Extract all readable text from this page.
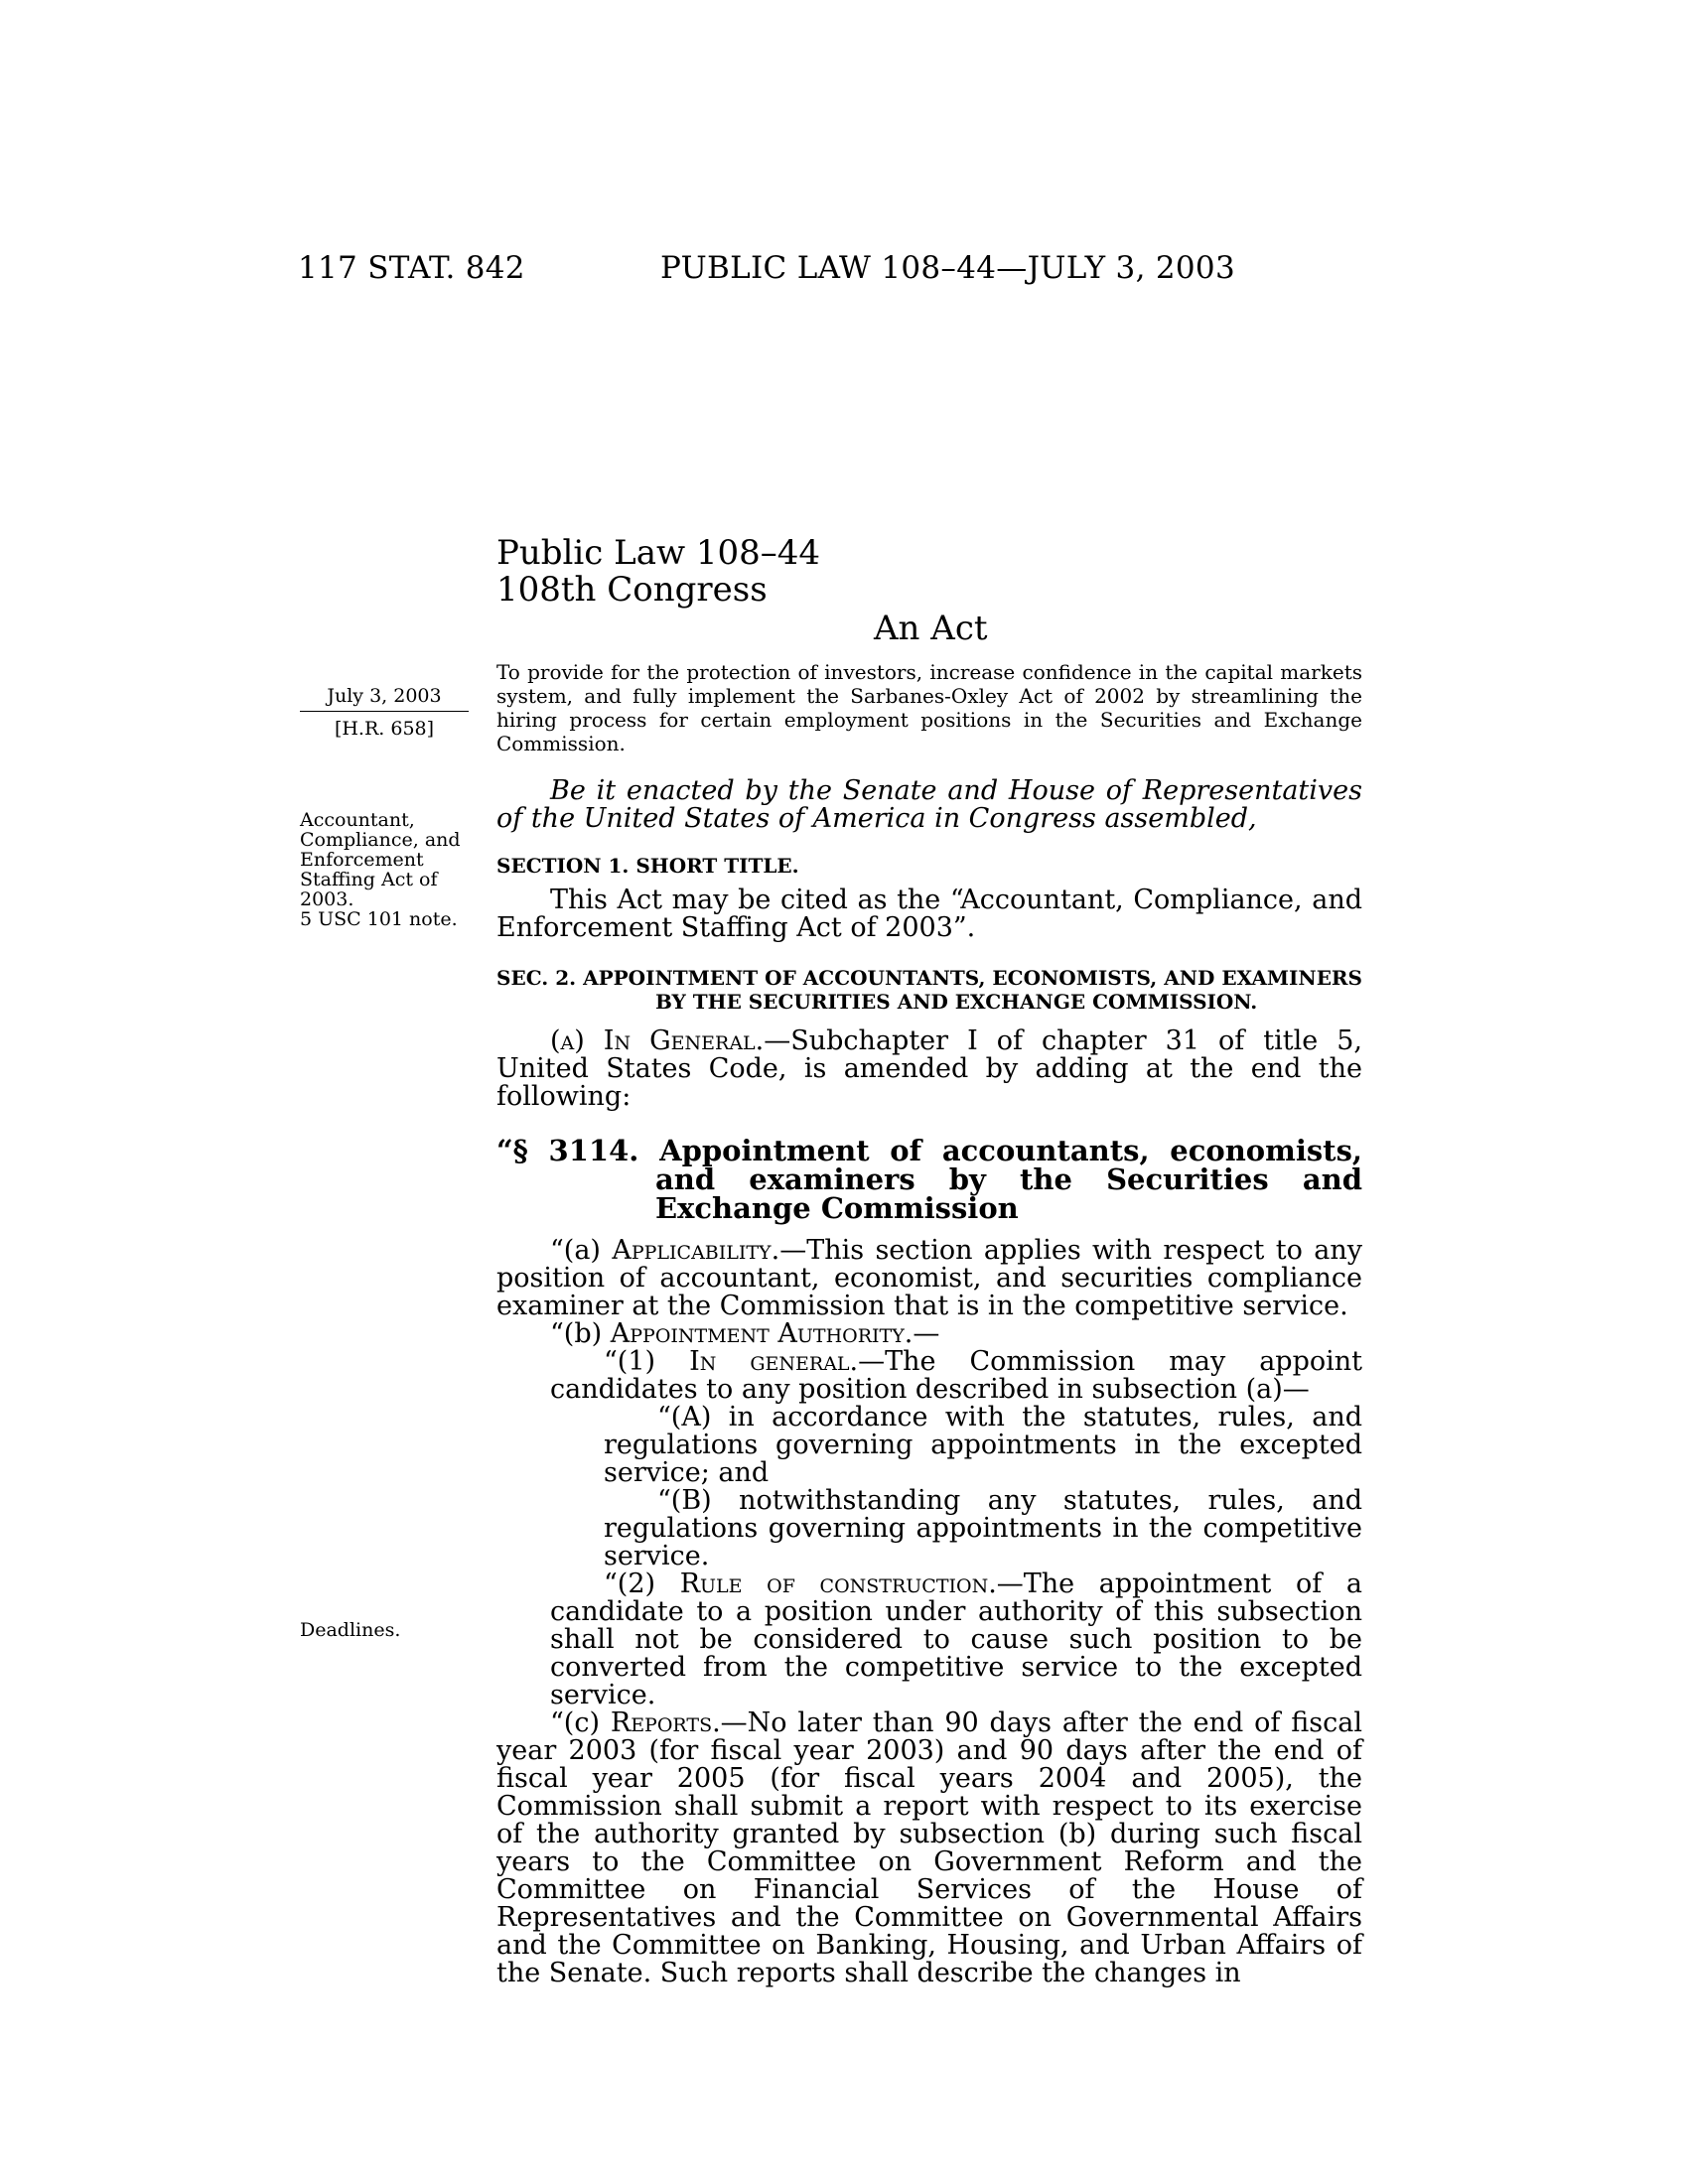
117 STAT. 842	PUBLIC LAW 108–44—JULY 3, 2003
Public Law 108–44
108th Congress
An Act
July 3, 2003
[H.R. 658]
Accountant, Compliance, and Enforcement Staffing Act of 2003.
5 USC 101 note.
Deadlines.
To provide for the protection of investors, increase confidence in the capital markets system, and fully implement the Sarbanes-Oxley Act of 2002 by streamlining the hiring process for certain employment positions in the Securities and Exchange Commission.

Be it enacted by the Senate and House of Representatives of the United States of America in Congress assembled,

SECTION 1. SHORT TITLE.

This Act may be cited as the “Accountant, Compliance, and Enforcement Staffing Act of 2003”.

SEC. 2. APPOINTMENT OF ACCOUNTANTS, ECONOMISTS, AND EXAMINERS BY THE SECURITIES AND EXCHANGE COMMISSION.

(a) In General.—Subchapter I of chapter 31 of title 5, United States Code, is amended by adding at the end the following:

“§ 3114. Appointment of accountants, economists, and examiners by the Securities and Exchange Commission

“(a) Applicability.—This section applies with respect to any position of accountant, economist, and securities compliance examiner at the Commission that is in the competitive service.

“(b) Appointment Authority.—

“(1) In general.—The Commission may appoint candidates to any position described in subsection (a)—

“(A) in accordance with the statutes, rules, and regulations governing appointments in the excepted service; and

“(B) notwithstanding any statutes, rules, and regulations governing appointments in the competitive service.

“(2) Rule of construction.—The appointment of a candidate to a position under authority of this subsection shall not be considered to cause such position to be converted from the competitive service to the excepted service.

“(c) Reports.—No later than 90 days after the end of fiscal year 2003 (for fiscal year 2003) and 90 days after the end of fiscal year 2005 (for fiscal years 2004 and 2005), the Commission shall submit a report with respect to its exercise of the authority granted by subsection (b) during such fiscal years to the Committee on Government Reform and the Committee on Financial Services of the House of Representatives and the Committee on Governmental Affairs and the Committee on Banking, Housing, and Urban Affairs of the Senate. Such reports shall describe the changes in
